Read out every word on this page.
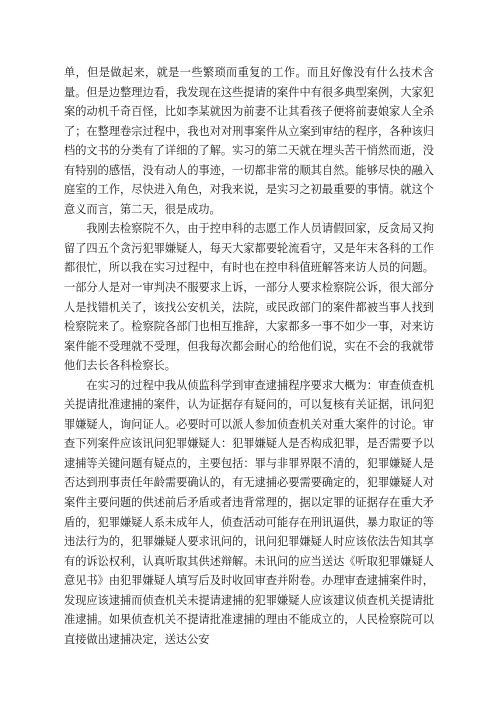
单，但是做起来，就是一些繁琐而重复的工作。而且好像没有什么技术含量。但是边整理边看，我发现在这些提请的案件中有很多典型案例，大家犯案的动机千奇百怪，比如李某就因为前妻不让其看孩子便将前妻娘家人全杀了；在整理卷宗过程中，我也对对刑事案件从立案到审结的程序，各种该归档的文书的分类有了详细的了解。实习的第二天就在埋头苦干悄然而逝，没有特别的感悟，没有动人的事迹，一切都非常的顺其自然。能够尽快的融入庭室的工作，尽快进入角色，对我来说，是实习之初最重要的事情。就这个意义而言，第二天，很是成功。

我刚去检察院不久，由于控申科的志愿工作人员请假回家，反贪局又拘留了四五个贪污犯罪嫌疑人，每天大家都要轮流看守，又是年末各科的工作都很忙，所以我在实习过程中，有时也在控申科值班解答来访人员的问题。一部分人是对一审判决不服要求上诉，一部分人要求检察院公诉，很大部分人是找错机关了，该找公安机关，法院，或民政部门的案件都被当事人找到检察院来了。检察院各部门也相互推辞，大家都多一事不如少一事，对来访案件能不受理就不受理，但我每次都会耐心的给他们说，实在不会的我就带他们去长各科检察长。

在实习的过程中我从侦监科学到审查逮捕程序要求大概为：审查侦查机关提请批准逮捕的案件，认为证据存有疑问的，可以复核有关证据，讯问犯罪嫌疑人，询问证人。必要时可以派人参加侦查机关对重大案件的讨论。审查下列案件应该讯问犯罪嫌疑人：犯罪嫌疑人是否构成犯罪，是否需要予以逮捕等关键问题有疑点的，主要包括：罪与非罪界限不清的，犯罪嫌疑人是否达到刑事责任年龄需要确认的，有无逮捕必要需要确定的，犯罪嫌疑人对案件主要问题的供述前后矛盾或者违背常理的，据以定罪的证据存在重大矛盾的，犯罪嫌疑人系未成年人，侦查活动可能存在刑讯逼供，暴力取证的等违法行为的，犯罪嫌疑人要求讯问的，讯问犯罪嫌疑人时应该依法告知其享有的诉讼权利，认真听取其供述辩解。未讯问的应当送达《听取犯罪嫌疑人意见书》由犯罪嫌疑人填写后及时收回审查并附卷。办理审查逮捕案件时，发现应该逮捕而侦查机关未提请逮捕的犯罪嫌疑人应该建议侦查机关提请批准逮捕。如果侦查机关不提请批准逮捕的理由不能成立的，人民检察院可以直接做出逮捕决定，送达公安
